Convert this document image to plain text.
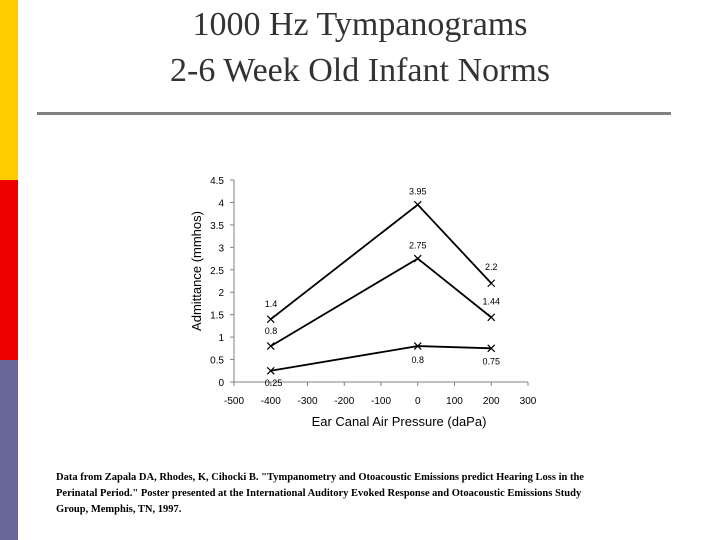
1000 Hz Tympanograms
2-6 Week Old Infant Norms
0
0.5
1
1.5
2
2.5
3
3.5
4
4.5
-500 -400 -300 -200 -100 0	100 200 300
Ear Canal Air Pressure (daPa)
Admittance (mmhos)	1.4
3.95
2.2
0.8
2.75
1.44
0.25
0.8	0.75
Data from Zapala DA, Rhodes, K, Cihocki B. "Tympanometry and Otoacoustic Emissions predict Hearing Loss in the
Perinatal Period." Poster presented at the International Auditory Evoked Response and Otoacoustic Emissions Study
Group, Memphis, TN, 1997.
